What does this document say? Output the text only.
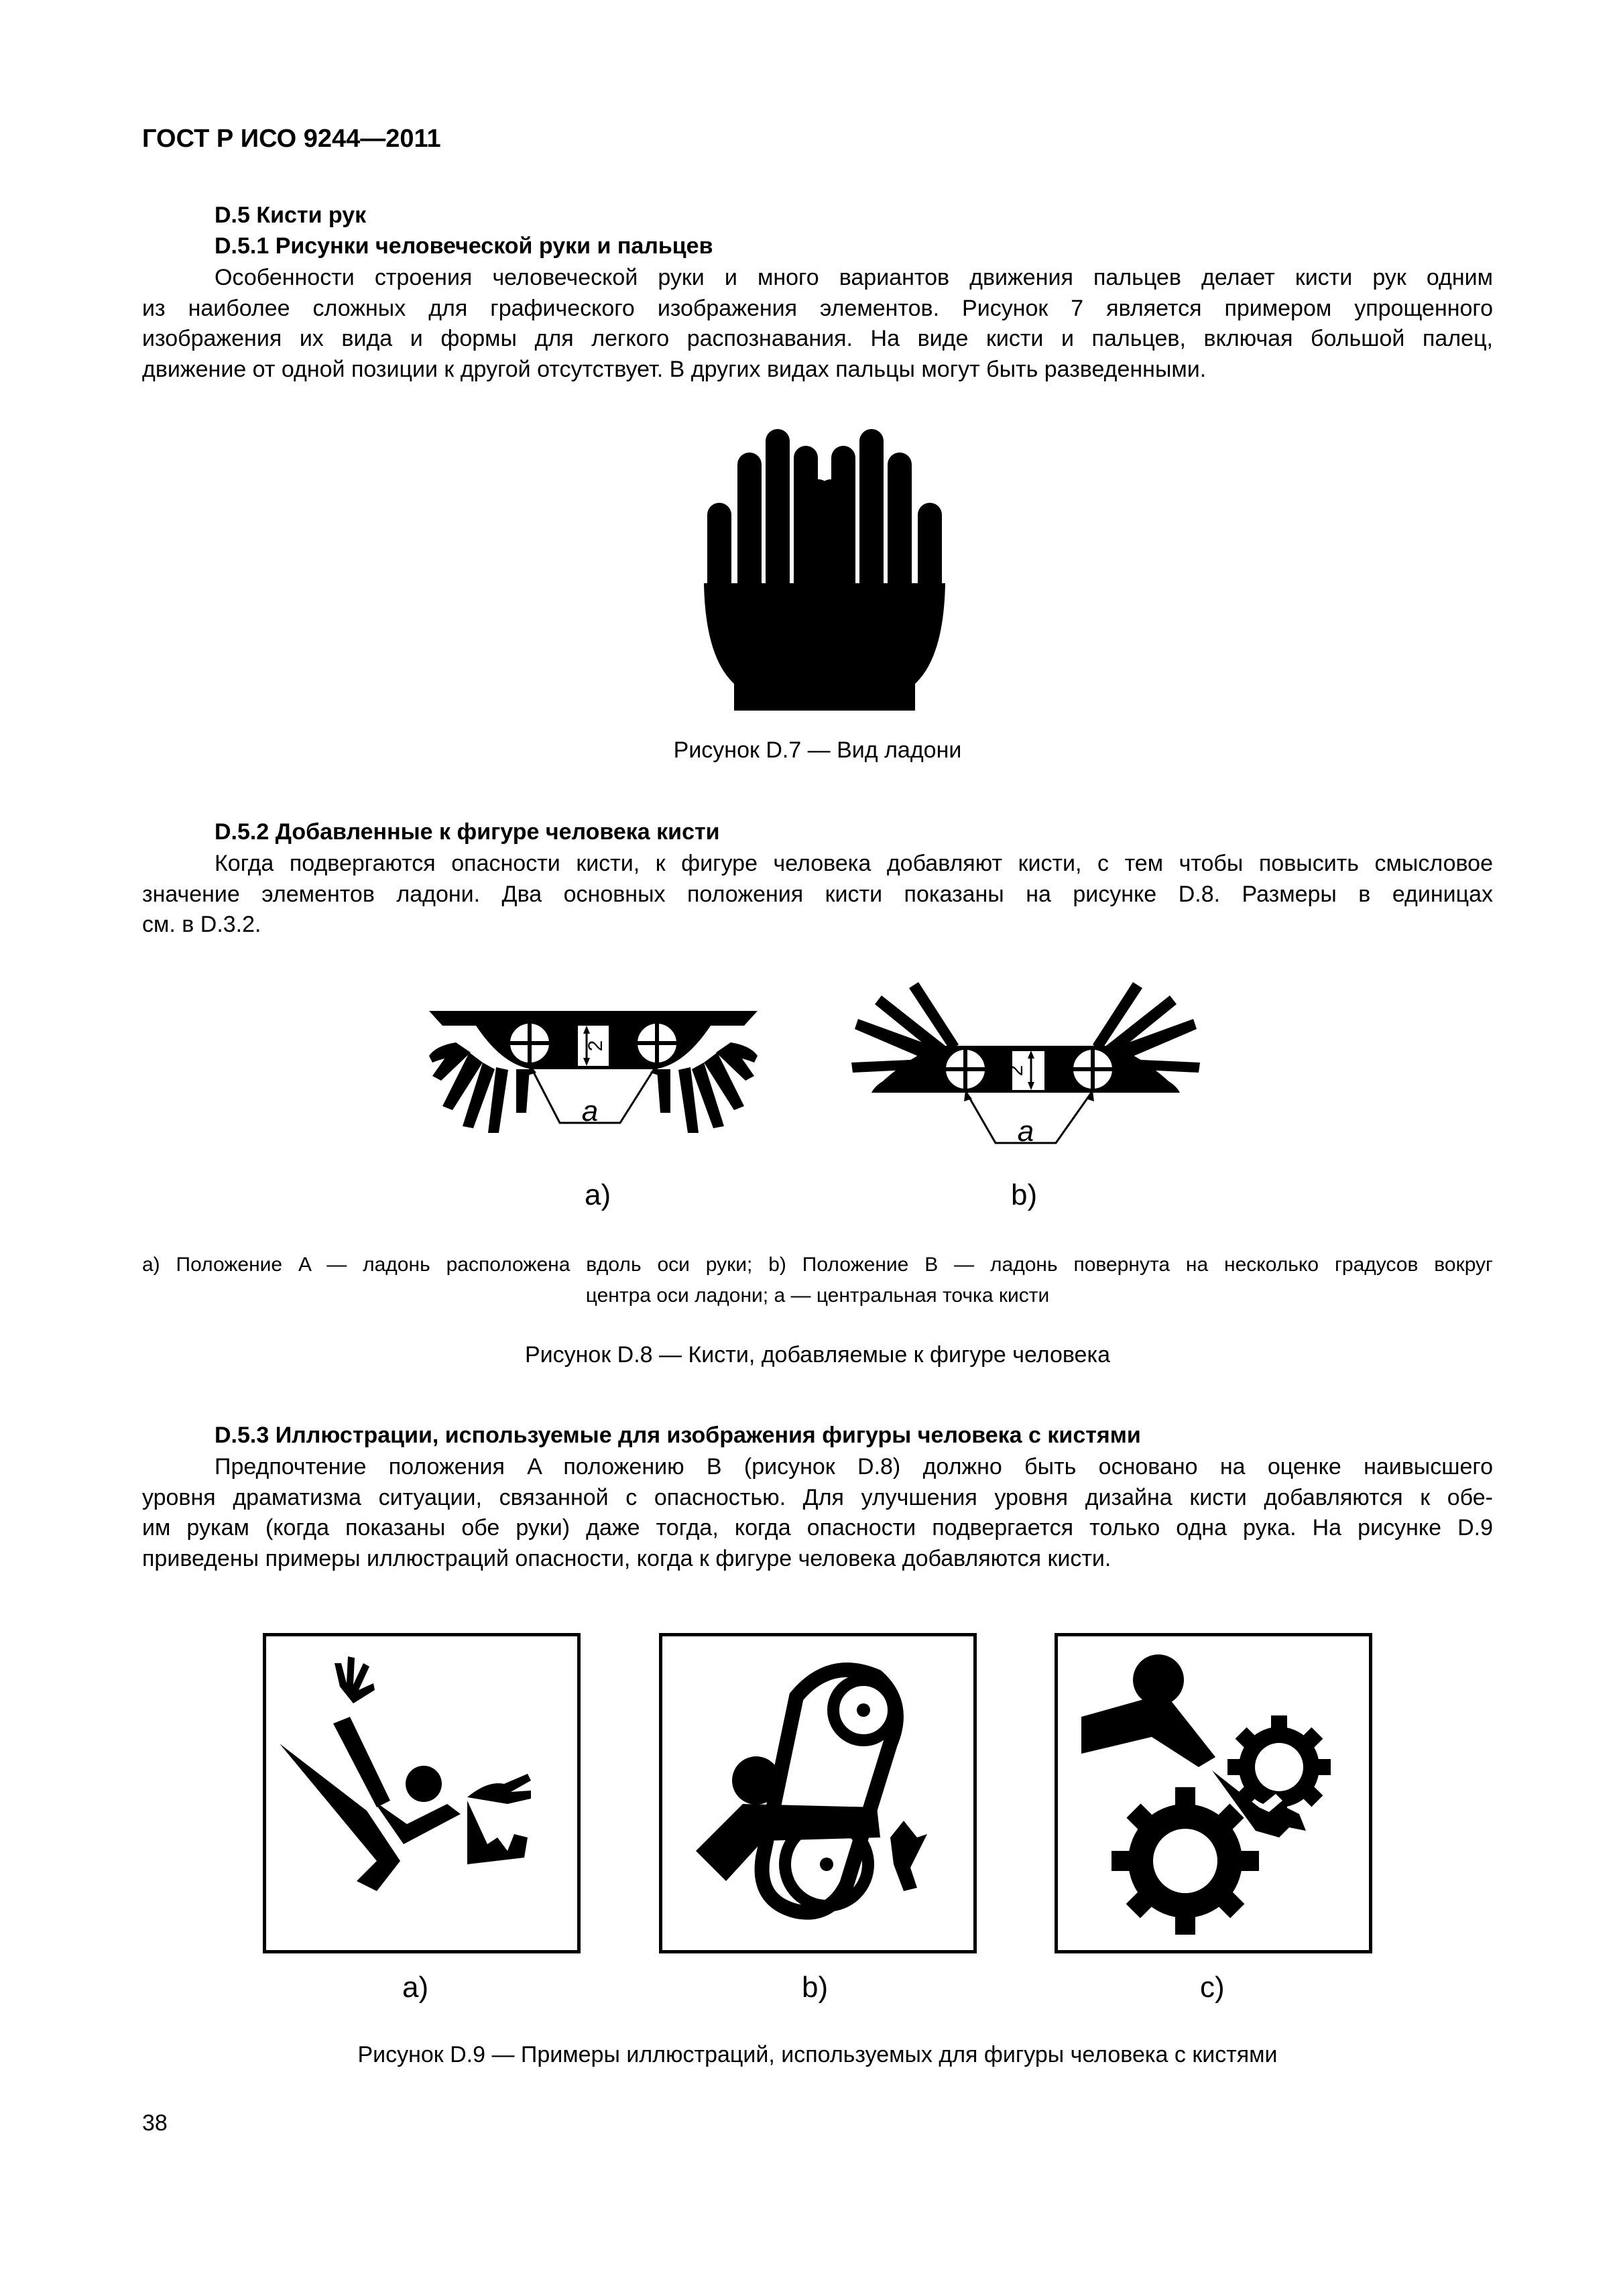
ГОСТ Р ИСО 9244—2011
D.5 Кисти рук
D.5.1 Рисунки человеческой руки и пальцев
Особенности строения человеческой руки и много вариантов движения пальцев делает кисти рук одним
из наиболее сложных для графического изображения элементов. Рисунок 7 является примером упрощенного
изображения их вида и формы для легкого распознавания. На виде кисти и пальцев, включая большой палец,
движение от одной позиции к другой отсутствует. В других видах пальцы могут быть разведенными.
Рисунок D.7 — Вид ладони
D.5.2 Добавленные к фигуре человека кисти
Когда подвергаются опасности кисти, к фигуре человека добавляют кисти, с тем чтобы повысить смысловое
значение элементов ладони. Два основных положения кисти показаны на рисунке D.8. Размеры в единицах
см. в D.3.2.
2
a
2
a
a)	b)
а) Положение A — ладонь расположена вдоль оси руки; b) Положение B — ладонь повернута на несколько градусов вокруг
центра оси ладони; a — центральная точка кисти
Рисунок D.8 — Кисти, добавляемые к фигуре человека
D.5.3 Иллюстрации, используемые для изображения фигуры человека с кистями
Предпочтение положения A положению B (рисунок D.8) должно быть основано на оценке наивысшего
уровня драматизма ситуации, связанной с опасностью. Для улучшения уровня дизайна кисти добавляются к обе-
им рукам (когда показаны обе руки) даже тогда, когда опасности подвергается только одна рука. На рисунке D.9
приведены примеры иллюстраций опасности, когда к фигуре человека добавляются кисти.
a)	b)	c)
Рисунок D.9 — Примеры иллюстраций, используемых для фигуры человека с кистями
38
